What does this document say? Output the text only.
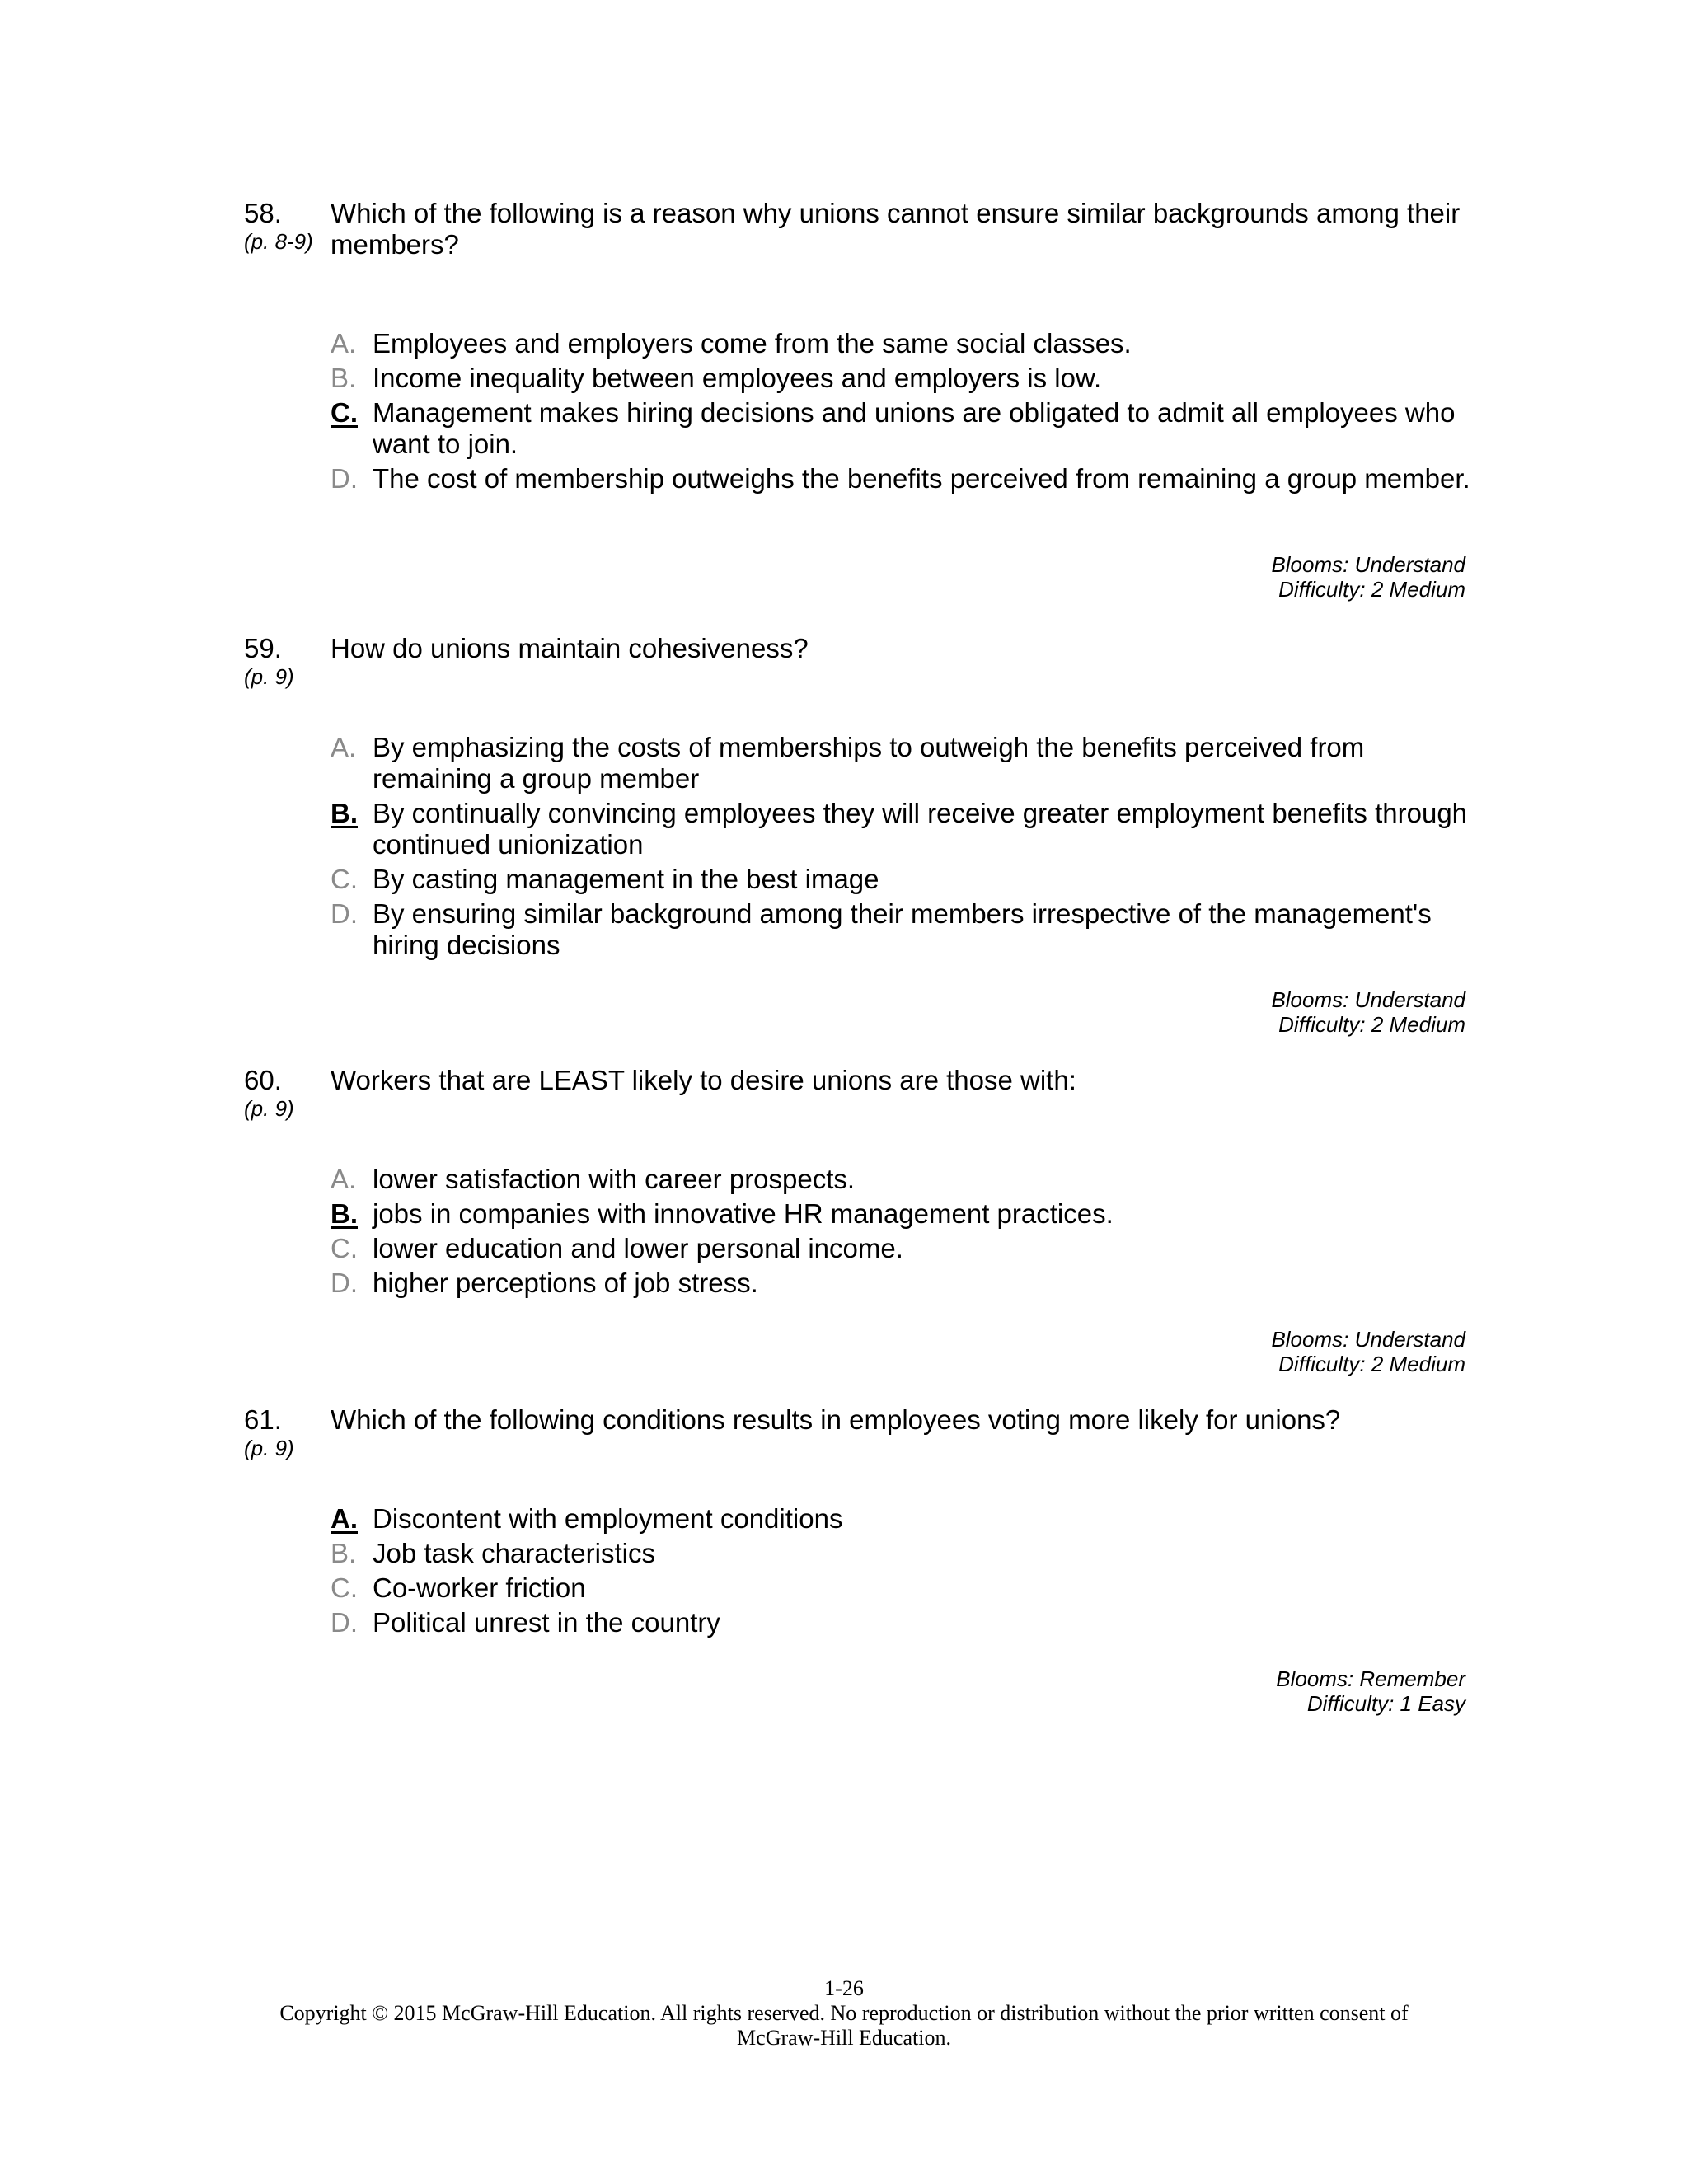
58.
(p. 8-9)
Which of the following is a reason why unions cannot ensure similar backgrounds among their members?
A. Employees and employers come from the same social classes.
B. Income inequality between employees and employers is low.
C. Management makes hiring decisions and unions are obligated to admit all employees who want to join.
D. The cost of membership outweighs the benefits perceived from remaining a group member.
Blooms: Understand
Difficulty: 2 Medium
59.
(p. 9)
How do unions maintain cohesiveness?
A. By emphasizing the costs of memberships to outweigh the benefits perceived from remaining a group member
B. By continually convincing employees they will receive greater employment benefits through continued unionization
C. By casting management in the best image
D. By ensuring similar background among their members irrespective of the management's hiring decisions
Blooms: Understand
Difficulty: 2 Medium
60.
(p. 9)
Workers that are LEAST likely to desire unions are those with:
A. lower satisfaction with career prospects.
B. jobs in companies with innovative HR management practices.
C. lower education and lower personal income.
D. higher perceptions of job stress.
Blooms: Understand
Difficulty: 2 Medium
61.
(p. 9)
Which of the following conditions results in employees voting more likely for unions?
A. Discontent with employment conditions
B. Job task characteristics
C. Co-worker friction
D. Political unrest in the country
Blooms: Remember
Difficulty: 1 Easy
1-26
Copyright © 2015 McGraw-Hill Education. All rights reserved. No reproduction or distribution without the prior written consent of McGraw-Hill Education.
